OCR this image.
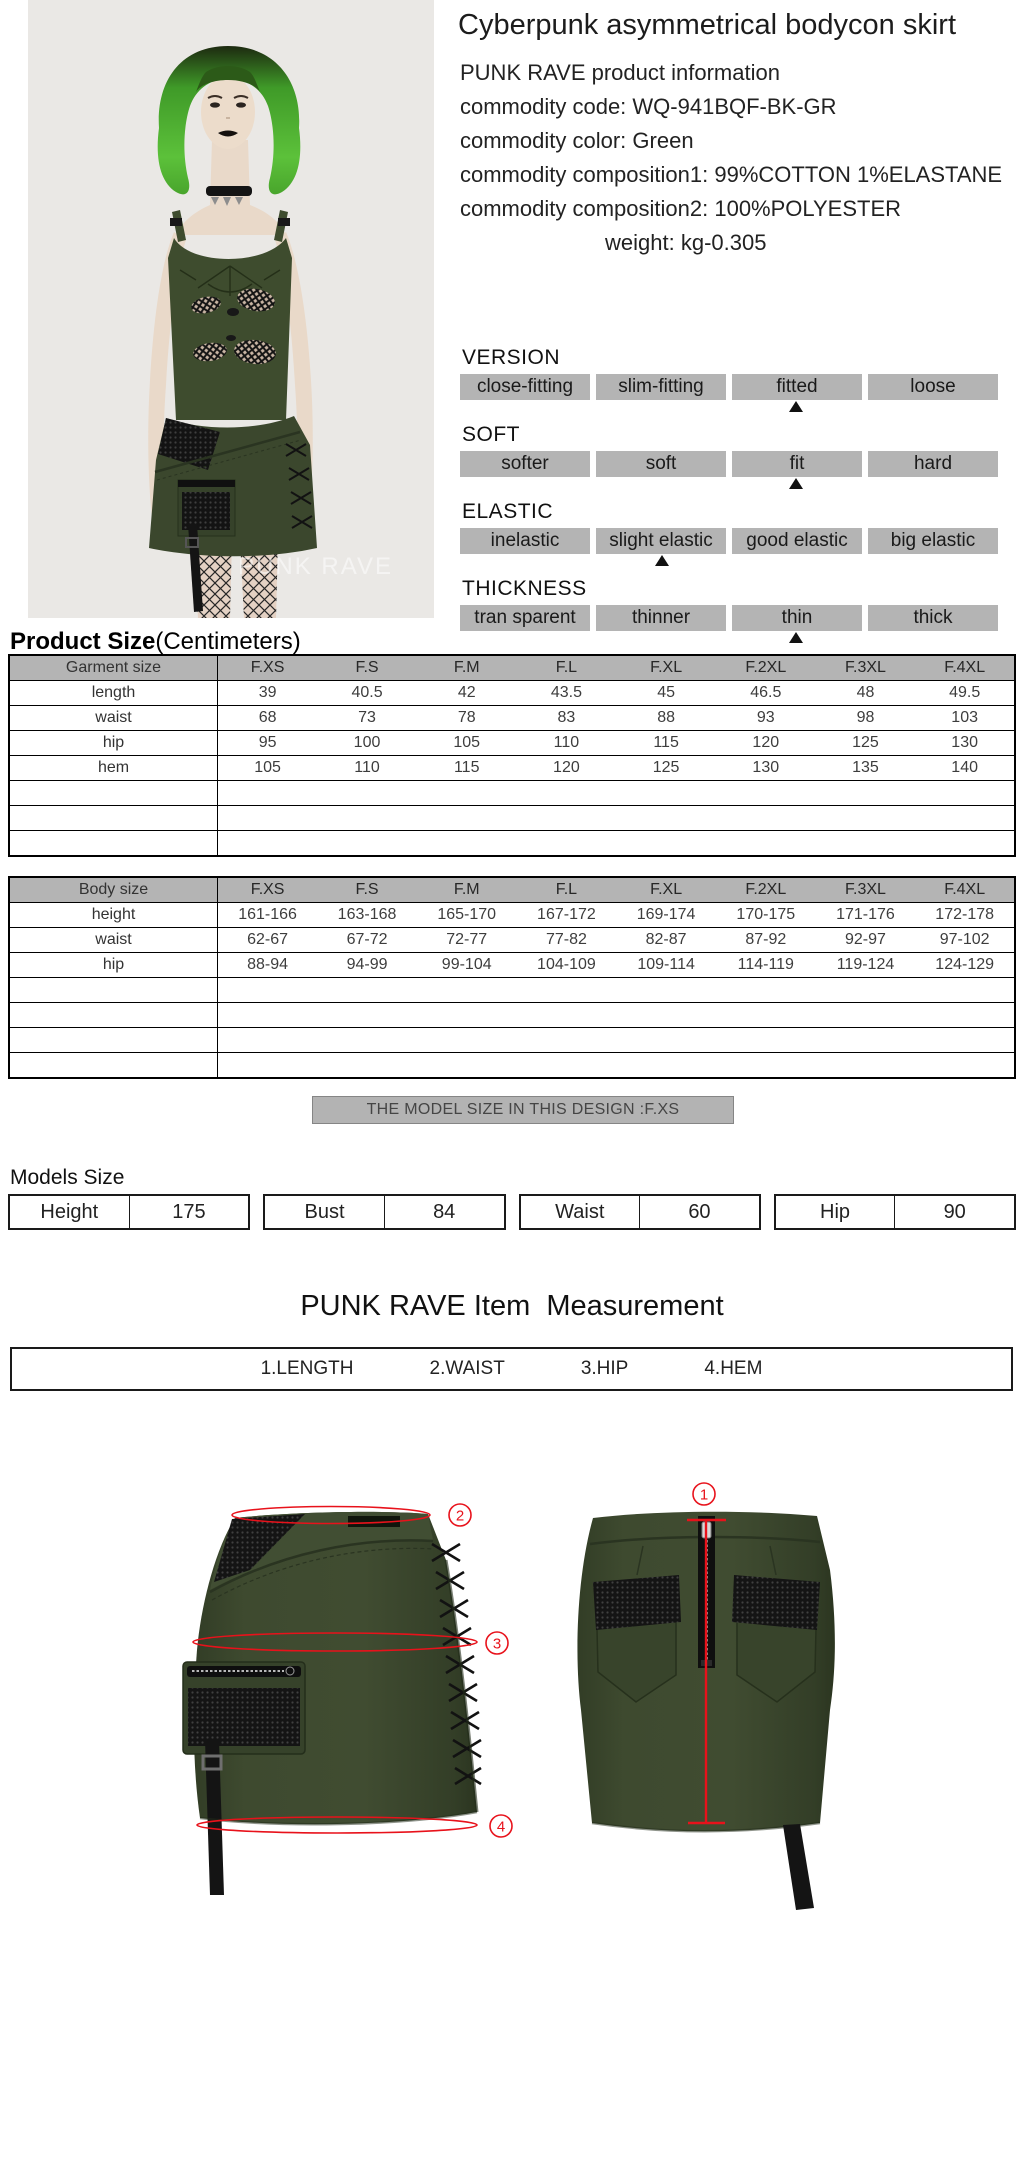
PUNK RAVE
Cyberpunk asymmetrical bodycon skirt
PUNK RAVE product information
commodity code: WQ-941BQF-BK-GR
commodity color: Green
commodity composition1: 99%COTTON 1%ELASTANE
commodity composition2: 100%POLYESTER
weight: kg-0.305
VERSION
close-fitting	slim-fitting	fitted	loose
SOFT
softer	soft	fit	hard
ELASTIC
inelastic	slight elastic	good elastic	big elastic
THICKNESS
tran sparent	thinner	thin	thick
Product Size(Centimeters)
Garment size	F.XS	F.S	F.M	F.L	F.XL	F.2XL	F.3XL	F.4XL
length	39	40.5	42	43.5	45	46.5	48	49.5
waist	68	73	78	83	88	93	98	103
hip	95	100	105	110	115	120	125	130
hem	105	110	115	120	125	130	135	140

Body size	F.XS	F.S	F.M	F.L	F.XL	F.2XL	F.3XL	F.4XL
height	161-166	163-168	165-170	167-172	169-174	170-175	171-176	172-178
waist	62-67	67-72	72-77	77-82	82-87	87-92	92-97	97-102
hip	88-94	94-99	99-104	104-109	109-114	114-119	119-124	124-129

THE MODEL SIZE IN THIS DESIGN :F.XS
Models Size
Height	175	Bust	84	Waist	60	Hip	90
PUNK RAVE Item  Measurement
1.LENGTH	2.WAIST	3.HIP	4.HEM
1
2
3
4
